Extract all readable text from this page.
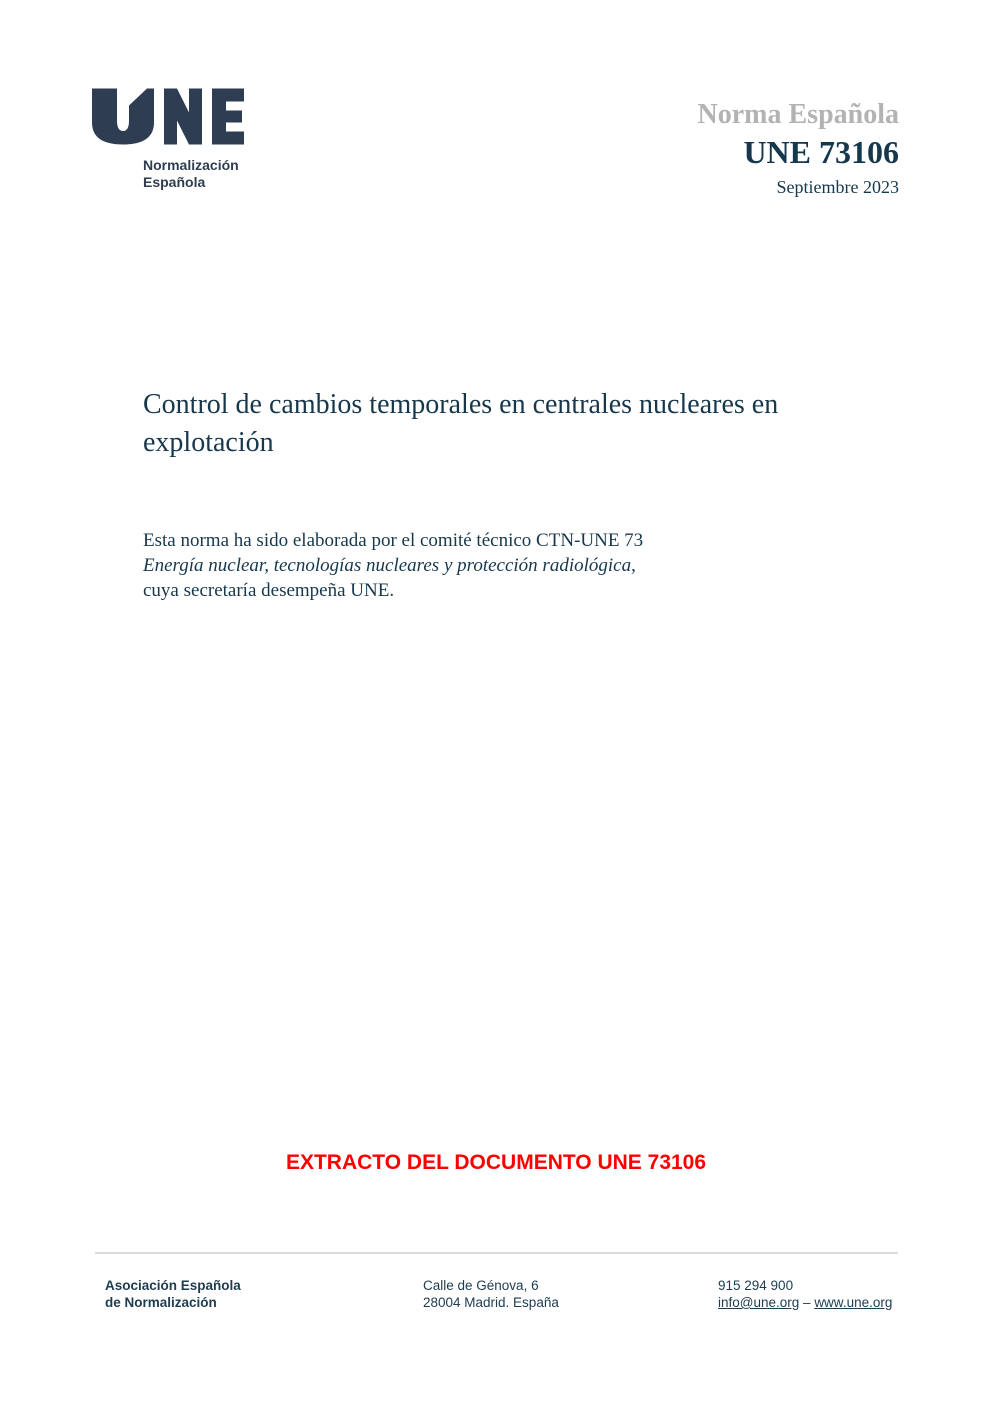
Normalización
Española
Norma Española
UNE 73106
Septiembre 2023
Control de cambios temporales en centrales nucleares en explotación

Esta norma ha sido elaborada por el comité técnico CTN-UNE 73 Energía nuclear, tecnologías nucleares y protección radiológica, cuya secretaría desempeña UNE.

EXTRACTO DEL DOCUMENTO UNE 73106
Asociación Española
de Normalización
Calle de Génova, 6
28004 Madrid. España
915 294 900
info@une.org – www.une.org
